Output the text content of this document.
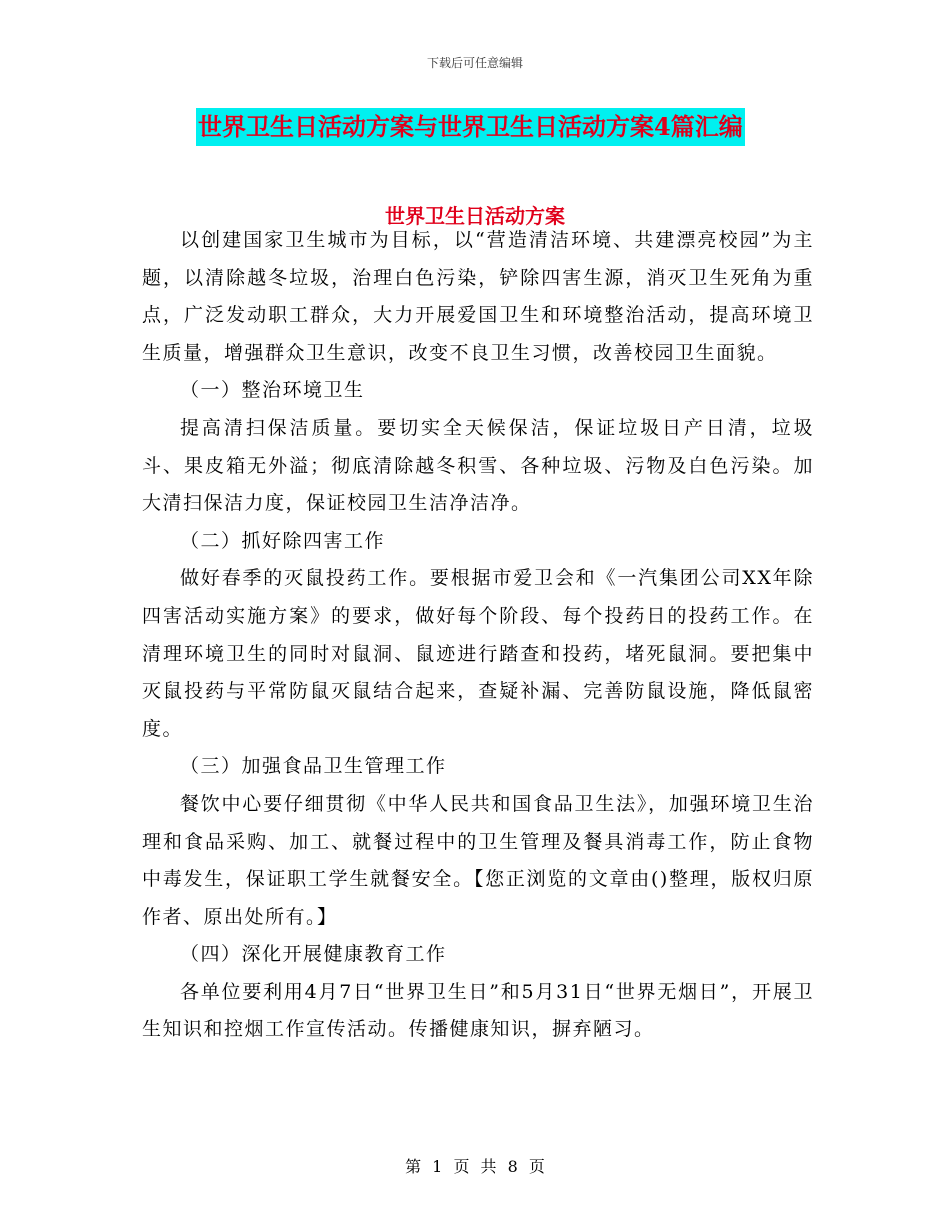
下载后可任意编辑
世界卫生日活动方案与世界卫生日活动方案4篇汇编
世界卫生日活动方案

以创建国家卫生城市为目标，以“营造清洁环境、共建漂亮校园”为主题，以清除越冬垃圾，治理白色污染，铲除四害生源，消灭卫生死角为重点，广泛发动职工群众，大力开展爱国卫生和环境整治活动，提高环境卫生质量，增强群众卫生意识，改变不良卫生习惯，改善校园卫生面貌。

（一）整治环境卫生

提高清扫保洁质量。要切实全天候保洁，保证垃圾日产日清，垃圾斗、果皮箱无外溢；彻底清除越冬积雪、各种垃圾、污物及白色污染。加大清扫保洁力度，保证校园卫生洁净洁净。

（二）抓好除四害工作

做好春季的灭鼠投药工作。要根据市爱卫会和《一汽集团公司XX年除四害活动实施方案》的要求，做好每个阶段、每个投药日的投药工作。在清理环境卫生的同时对鼠洞、鼠迹进行踏查和投药，堵死鼠洞。要把集中灭鼠投药与平常防鼠灭鼠结合起来，查疑补漏、完善防鼠设施，降低鼠密度。

（三）加强食品卫生管理工作

餐饮中心要仔细贯彻《中华人民共和国食品卫生法》，加强环境卫生治理和食品采购、加工、就餐过程中的卫生管理及餐具消毒工作，防止食物中毒发生，保证职工学生就餐安全。【您正浏览的文章由()整理，版权归原作者、原出处所有。】

（四）深化开展健康教育工作

各单位要利用4月7日“世界卫生日”和5月31日“世界无烟日”，开展卫生知识和控烟工作宣传活动。传播健康知识，摒弃陋习。

第 1 页 共 8 页
